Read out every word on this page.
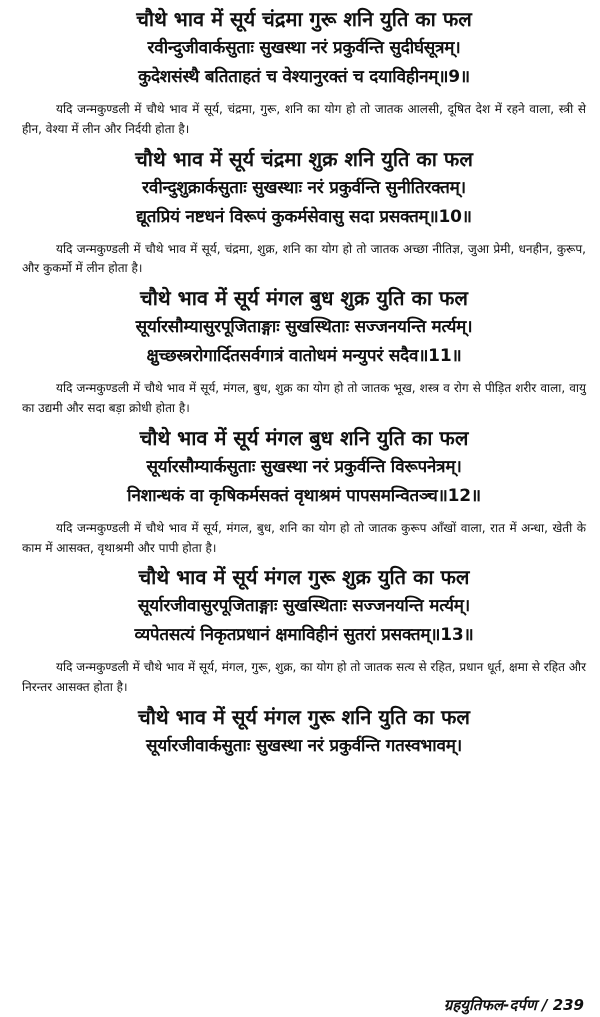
चौथे भाव में सूर्य चंद्रमा गुरू शनि युति का फल

रवीन्दुजीवार्कसुताः सुखस्था नरं प्रकुर्वन्ति सुदीर्घसूत्रम्।

कुदेशसंस्थै बतिताहतं च वेश्यानुरक्तं च दयाविहीनम्॥9॥

यदि जन्मकुण्डली में चौथे भाव में सूर्य, चंद्रमा, गुरू, शनि का योग हो तो जातक आलसी, दूषित देश में रहने वाला, स्त्री से हीन, वेश्या में लीन और निर्दयी होता है।

चौथे भाव में सूर्य चंद्रमा शुक्र शनि युति का फल

रवीन्दुशुक्रार्कसुताः सुखस्थाः नरं प्रकुर्वन्ति सुनीतिरक्तम्।

द्यूतप्रियं नष्टधनं विरूपं कुकर्मसेवासु सदा प्रसक्तम्॥10॥

यदि जन्मकुण्डली में चौथे भाव में सूर्य, चंद्रमा, शुक्र, शनि का योग हो तो जातक अच्छा नीतिज्ञ, जुआ प्रेमी, धनहीन, कुरूप, और कुकर्मो में लीन होता है।

चौथे भाव में सूर्य मंगल बुध शुक्र युति का फल

सूर्यारसौम्यासुरपूजिताङ्गाः सुखस्थिताः सज्जनयन्ति मर्त्यम्।

क्षुच्छस्त्ररोगार्दितसर्वगात्रं वातोधमं मन्युपरं सदैव॥11॥

यदि जन्मकुण्डली में चौथे भाव में सूर्य, मंगल, बुध, शुक्र का योग हो तो जातक भूख, शस्त्र व रोग से पीड़ित शरीर वाला, वायु का उद्यमी और सदा बड़ा क्रोधी होता है।

चौथे भाव में सूर्य मंगल बुध शनि युति का फल

सूर्यारसौम्यार्कसुताः सुखस्था नरं प्रकुर्वन्ति विरूपनेत्रम्।

निशान्धकं वा कृषिकर्मसक्तं वृथाश्रमं पापसमन्वितञ्च॥12॥

यदि जन्मकुण्डली में चौथे भाव में सूर्य, मंगल, बुध, शनि का योग हो तो जातक कुरूप आँखों वाला, रात में अन्धा, खेती के काम में आसक्त, वृथाश्रमी और पापी होता है।

चौथे भाव में सूर्य मंगल गुरू शुक्र युति का फल

सूर्यारजीवासुरपूजिताङ्गाः सुखस्थिताः सज्जनयन्ति मर्त्यम्।

व्यपेतसत्यं निकृतप्रधानं क्षमाविहीनं सुतरां प्रसक्तम्॥13॥

यदि जन्मकुण्डली में चौथे भाव में सूर्य, मंगल, गुरू, शुक्र, का योग हो तो जातक सत्य से रहित, प्रधान धूर्त, क्षमा से रहित और निरन्तर आसक्त होता है।

चौथे भाव में सूर्य मंगल गुरू शनि युति का फल

सूर्यारजीवार्कसुताः सुखस्था नरं प्रकुर्वन्ति गतस्वभावम्।

ग्रहयुतिफल-दर्पण / 239
